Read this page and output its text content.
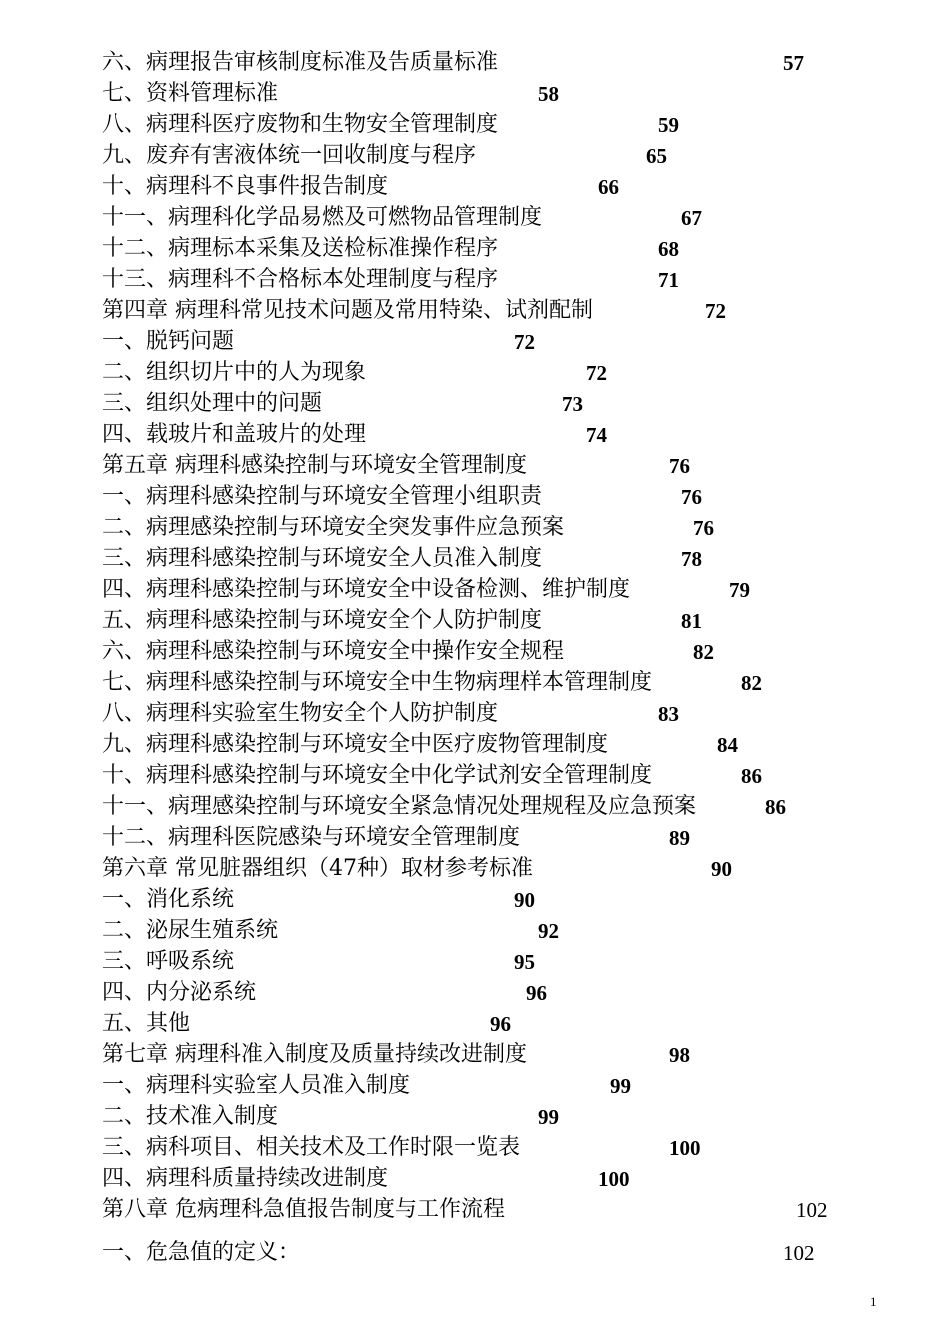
六、病理报告审核制度标准及告质量标准	57
七、资料管理标准	58
八、病理科医疗废物和生物安全管理制度	59
九、废弃有害液体统一回收制度与程序	65
十、病理科不良事件报告制度	66
十一、病理科化学品易燃及可燃物品管理制度	67
十二、病理标本采集及送检标准操作程序	68
十三、病理科不合格标本处理制度与程序	71
第四章 病理科常见技术问题及常用特染、试剂配制	72
一、脱钙问题	72
二、组织切片中的人为现象	72
三、组织处理中的问题	73
四、载玻片和盖玻片的处理	74
第五章 病理科感染控制与环境安全管理制度	76
一、病理科感染控制与环境安全管理小组职责	76
二、病理感染控制与环境安全突发事件应急预案	76
三、病理科感染控制与环境安全人员准入制度	78
四、病理科感染控制与环境安全中设备检测、维护制度	79
五、病理科感染控制与环境安全个人防护制度	81
六、病理科感染控制与环境安全中操作安全规程	82
七、病理科感染控制与环境安全中生物病理样本管理制度	82
八、病理科实验室生物安全个人防护制度	83
九、病理科感染控制与环境安全中医疗废物管理制度	84
十、病理科感染控制与环境安全中化学试剂安全管理制度	86
十一、病理感染控制与环境安全紧急情况处理规程及应急预案	86
十二、病理科医院感染与环境安全管理制度	89
第六章 常见脏器组织（47种）取材参考标准	90
一、消化系统	90
二、泌尿生殖系统	92
三、呼吸系统	95
四、内分泌系统	96
五、其他	96
第七章 病理科准入制度及质量持续改进制度	98
一、病理科实验室人员准入制度	99
二、技术准入制度	99
三、病科项目、相关技术及工作时限一览表	100
四、病理科质量持续改进制度	100
第八章 危病理科急值报告制度与工作流程	102
一、危急值的定义：	102
1
